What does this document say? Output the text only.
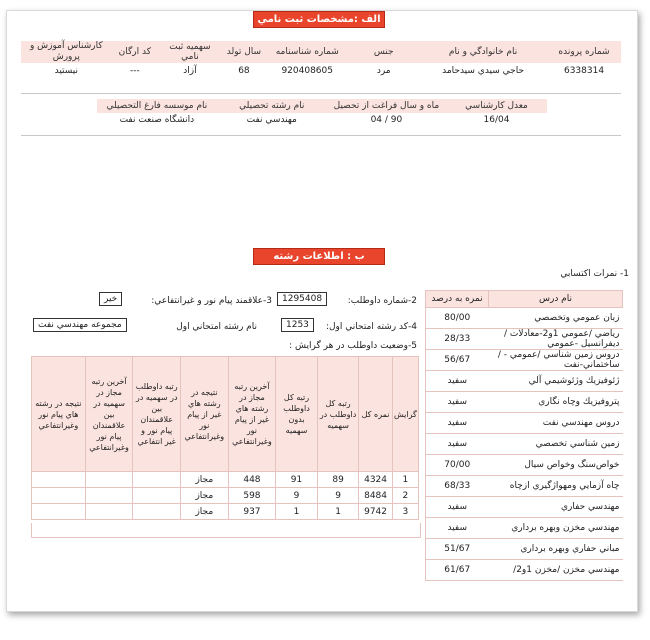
الف :مشخصات ثبت نامي
شماره پرونده	نام خانوادگي و نام	جنس	شماره شناسنامه	سال تولد	سهميه ثبت نامي	كد ارگان	كارشناس آموزش و پرورش
6338314	حاجي سيدي سيدحامد	مرد	920408605	68	آزاد	---	نيستيد
معدل كارشناسي	ماه و سال فراغت از تحصيل	نام رشته تحصيلي	نام موسسه فارغ التحصيلي
16/04	90 / 04	مهندسي نفت	دانشگاه صنعت نفت
ب : اطلاعات رشته امتحاني اول	1- نمرات اكتسابي
نام درس	نمره به درصد
زبان عمومي وتخصصي	80/00
رياضي /عمومي 1و2-معادلات / ديفرانسيل -عمومي	28/33
دروس زمين شناسي /عمومي - / ساختماني-نفت	56/67
ژئوفيزيك وژئوشيمي آلي	سفيد
پتروفيزيك وچاه نگاري	سفيد
دروس مهندسي نفت	سفيد
زمين شناسي تخصصي	سفيد
خواص‌سنگ وخواص سيال	70/00
چاه آزمايي ومهواژگيري ازچاه	68/33
مهندسي حفاري	سفيد
مهندسي مخزن وبهره برداري	سفيد
مباني حفاري وبهره برداري	51/67
مهندسي مخزن /مخزن 1و2/	61/67
2-شماره داوطلب:
1295408
3-علاقمند پيام نور و غيرانتفاعي:
خير
4-كد رشته امتحاني اول:
1253
نام رشته امتحاني اول
مجموعه مهندسي نفت
5-وضعيت داوطلب در هر گرايش :
گرايش	نمره كل	رتبه كل داوطلب در سهميه	رتبه كل داوطلب بدون سهميه	آخرين رتبه مجاز در رشته هاي غير از پيام نور وغيرانتفاعي	نتيجه در رشته هاي غير از پيام نور وغيرانتفاعي	رتبه داوطلب در سهميه در بين علاقمندان پيام نور و غير انتفاعي	آخرين رتبه مجاز در سهميه در بين علاقمندان پيام نور وغيرانتفاعي	نتيجه در رشته هاي پيام نور وغيرانتفاعي
1	4324	89	91	448	مجاز			
2	8484	9	9	598	مجاز			
3	9742	1	1	937	مجاز			
